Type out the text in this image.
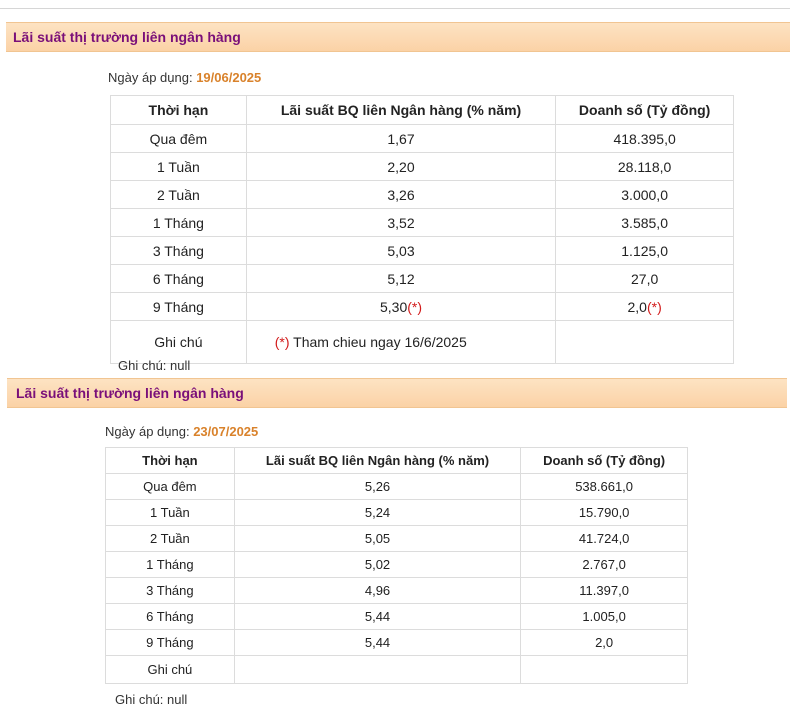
Lãi suất thị trường liên ngân hàng
Ngày áp dụng: 19/06/2025
Thời hạn	Lãi suất BQ liên Ngân hàng (% năm)	Doanh số (Tỷ đồng)
Qua đêm	1,67	418.395,0
1 Tuần	2,20	28.118,0
2 Tuần	3,26	3.000,0
1 Tháng	3,52	3.585,0
3 Tháng	5,03	1.125,0
6 Tháng	5,12	27,0
9 Tháng	5,30(*)	2,0(*)
Ghi chú	(*) Tham chieu ngay 16/6/2025	
Ghi chú: null
Lãi suất thị trường liên ngân hàng
Ngày áp dụng: 23/07/2025
Thời hạn	Lãi suất BQ liên Ngân hàng (% năm)	Doanh số (Tỷ đồng)
Qua đêm	5,26	538.661,0
1 Tuần	5,24	15.790,0
2 Tuần	5,05	41.724,0
1 Tháng	5,02	2.767,0
3 Tháng	4,96	11.397,0
6 Tháng	5,44	1.005,0
9 Tháng	5,44	2,0
Ghi chú		
Ghi chú: null
